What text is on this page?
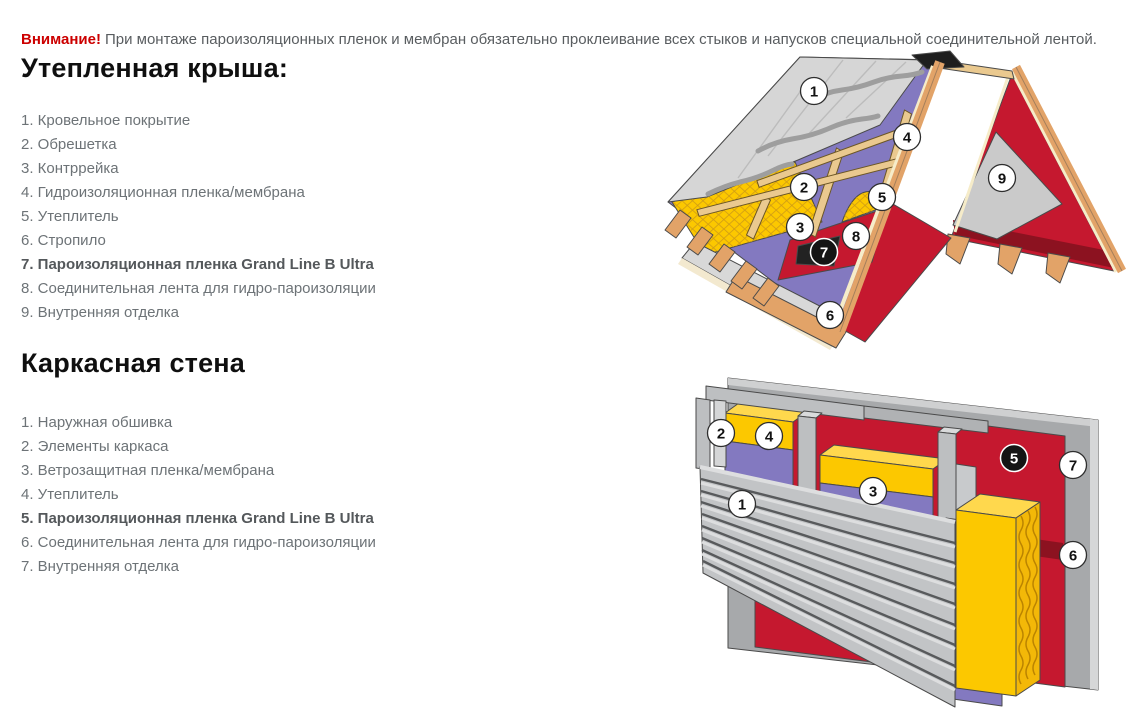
Внимание! При монтаже пароизоляционных пленок и мембран обязательно проклеивание всех стыков и напусков специальной соединительной лентой.

Утепленная крыша:
1. Кровельное покрытие
2. Обрешетка
3. Контррейка
4. Гидроизоляционная пленка/мембрана
5. Утеплитель
6. Стропило
7. Пароизоляционная пленка Grand Line B Ultra
8. Соединительная лента для гидро-пароизоляции
9. Внутренняя отделка
Каркасная стена
1. Наружная обшивка
2. Элементы каркаса
3. Ветрозащитная пленка/мембрана
4. Утеплитель
5. Пароизоляционная пленка Grand Line B Ultra
6. Соединительная лента для гидро-пароизоляции
7. Внутренняя отделка
1
2
3
4
5
6
7
8
9
1
2
3
4
5
6
7
